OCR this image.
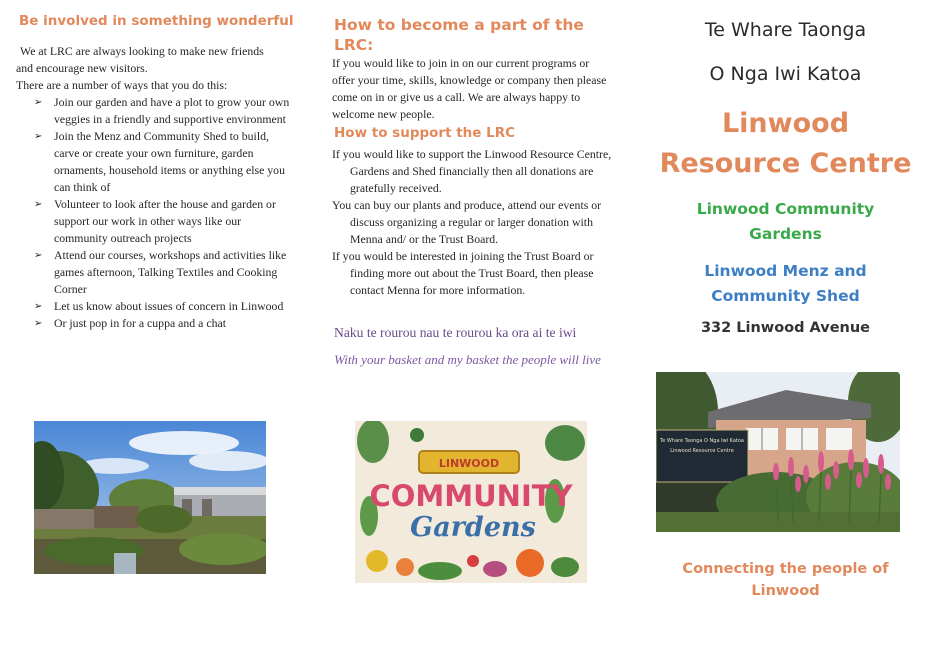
Be involved in something wonderful
We at LRC are always looking to make new friends
and encourage new visitors.
There are a number of ways that you do this:
➢ Join our garden and have a plot to grow your own veggies in a friendly and supportive environment
➢ Join the Menz and Community Shed to build, carve or create your own furniture, garden ornaments, household items or anything else you can think of
➢ Volunteer to look after the house and garden or support our work in other ways like our community outreach projects
➢ Attend our courses, workshops and activities like games afternoon, Talking Textiles and Cooking Corner
➢ Let us know about issues of concern in Linwood
➢ Or just pop in for a cuppa and a chat
How to become a part of the LRC:
If you would like to join in on our current programs or offer your time, skills, knowledge or company then please come on in or give us a call. We are always happy to welcome new people.
How to support the LRC
If you would like to support the Linwood Resource Centre, Gardens and Shed financially then all donations are gratefully received.
You can buy our plants and produce, attend our events or discuss organizing a regular or larger donation with Menna and/ or the Trust Board.
If you would be interested in joining the Trust Board or finding more out about the Trust Board, then please contact Menna for more information.
Naku te rourou nau te rourou ka ora ai te iwi
With your basket and my basket the people will live
LINWOOD
COMMUNITY
Gardens
Te Whare Taonga
O Nga Iwi Katoa
Linwood
Resource Centre
Linwood Community
Gardens
Linwood Menz and
Community Shed
332 Linwood Avenue
Te Whare Taonga O Nga Iwi Katoa
Linwood Resource Centre
Connecting the people of
Linwood
